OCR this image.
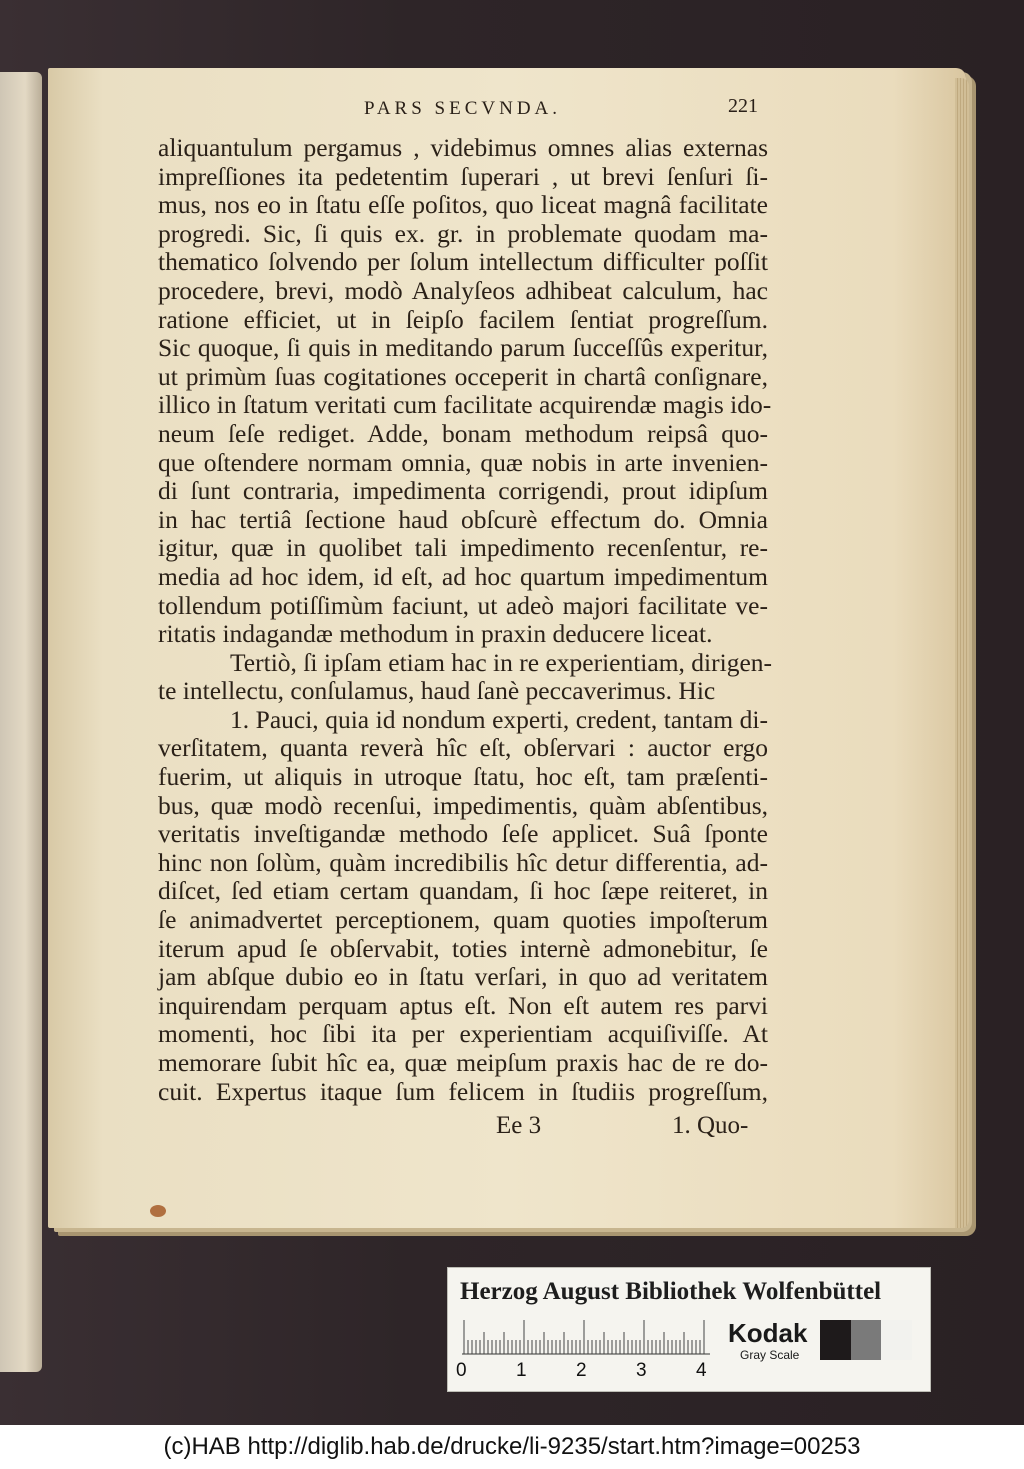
PARS SECVNDA.	221
aliquantulum pergamus , videbimus omnes alias externas
impreſſiones ita pedetentim ſuperari , ut brevi ſenſuri ſi-
mus, nos eo in ſtatu eſſe poſitos, quo liceat magnâ facilitate
progredi. Sic, ſi quis ex. gr. in problemate quodam ma-
thematico ſolvendo per ſolum intellectum difficulter poſſit
procedere, brevi, modò Analyſeos adhibeat calculum, hac
ratione efficiet, ut in ſeipſo facilem ſentiat progreſſum.
Sic quoque, ſi quis in meditando parum ſucceſſûs experitur,
ut primùm ſuas cogitationes occeperit in chartâ conſignare,
illico in ſtatum veritati cum facilitate acquirendæ magis ido-
neum ſeſe rediget. Adde, bonam methodum reipsâ quo-
que oſtendere normam omnia, quæ nobis in arte invenien-
di ſunt contraria, impedimenta corrigendi, prout idipſum
in hac tertiâ ſectione haud obſcurè effectum do. Omnia
igitur, quæ in quolibet tali impedimento recenſentur, re-
media ad hoc idem, id eſt, ad hoc quartum impedimentum
tollendum potiſſimùm faciunt, ut adeò majori facilitate ve-
ritatis indagandæ methodum in praxin deducere liceat.
Tertiò, ſi ipſam etiam hac in re experientiam, dirigen-
te intellectu, conſulamus, haud ſanè peccaverimus. Hic
1. Pauci, quia id nondum experti, credent, tantam di-
verſitatem, quanta reverà hîc eſt, obſervari : auctor ergo
fuerim, ut aliquis in utroque ſtatu, hoc eſt, tam præſenti-
bus, quæ modò recenſui, impedimentis, quàm abſentibus,
veritatis inveſtigandæ methodo ſeſe applicet. Suâ ſponte
hinc non ſolùm, quàm incredibilis hîc detur differentia, ad-
diſcet, ſed etiam certam quandam, ſi hoc ſæpe reiteret, in
ſe animadvertet perceptionem, quam quoties impoſterum
iterum apud ſe obſervabit, toties internè admonebitur, ſe
jam abſque dubio eo in ſtatu verſari, in quo ad veritatem
inquirendam perquam aptus eſt. Non eſt autem res parvi
momenti, hoc ſibi ita per experientiam acquiſiviſſe. At
memorare ſubit hîc ea, quæ meipſum praxis hac de re do-
cuit. Expertus itaque ſum felicem in ſtudiis progreſſum,
Ee 3	1. Quo-
Herzog August Bibliothek Wolfenbüttel
0	1	2	3	4
Kodak
Gray Scale
(c)HAB http://diglib.hab.de/drucke/li-9235/start.htm?image=00253
